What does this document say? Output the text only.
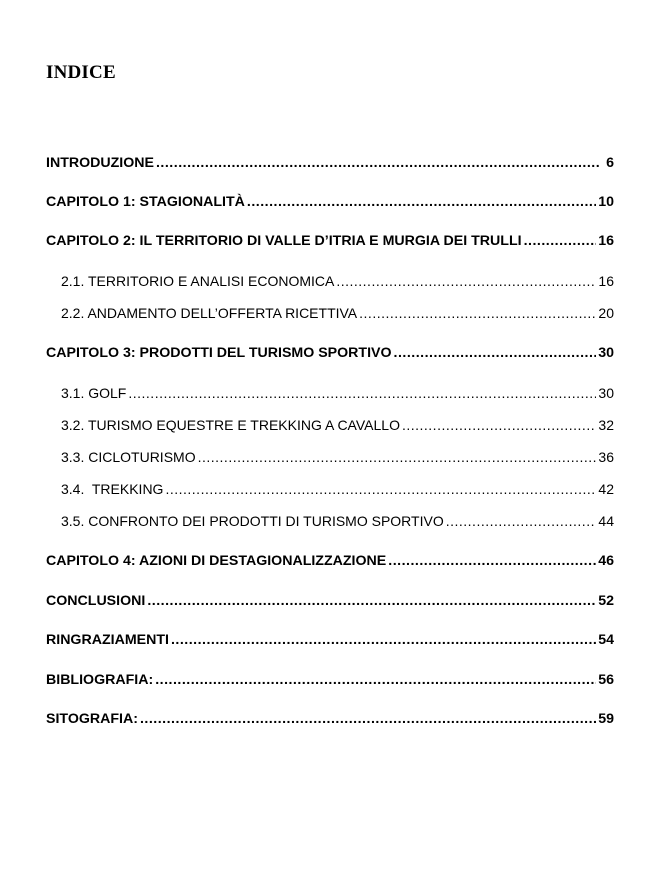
INDICE
INTRODUZIONE .....	6
CAPITOLO 1: STAGIONALITÀ .....	10
CAPITOLO 2: IL TERRITORIO DI VALLE D’ITRIA E MURGIA DEI TRULLI .....	16
2.1. TERRITORIO E ANALISI ECONOMICA .....	16
2.2. ANDAMENTO DELL’OFFERTA RICETTIVA .....	20
CAPITOLO 3: PRODOTTI DEL TURISMO SPORTIVO .....	30
3.1. GOLF .....	30
3.2. TURISMO EQUESTRE E TREKKING A CAVALLO .....	32
3.3. CICLOTURISMO .....	36
3.4.  TREKKING .....	42
3.5. CONFRONTO DEI PRODOTTI DI TURISMO SPORTIVO .....	44
CAPITOLO 4: AZIONI DI DESTAGIONALIZZAZIONE .....	46
CONCLUSIONI .....	52
RINGRAZIAMENTI .....	54
BIBLIOGRAFIA: .....	56
SITOGRAFIA: .....	59
